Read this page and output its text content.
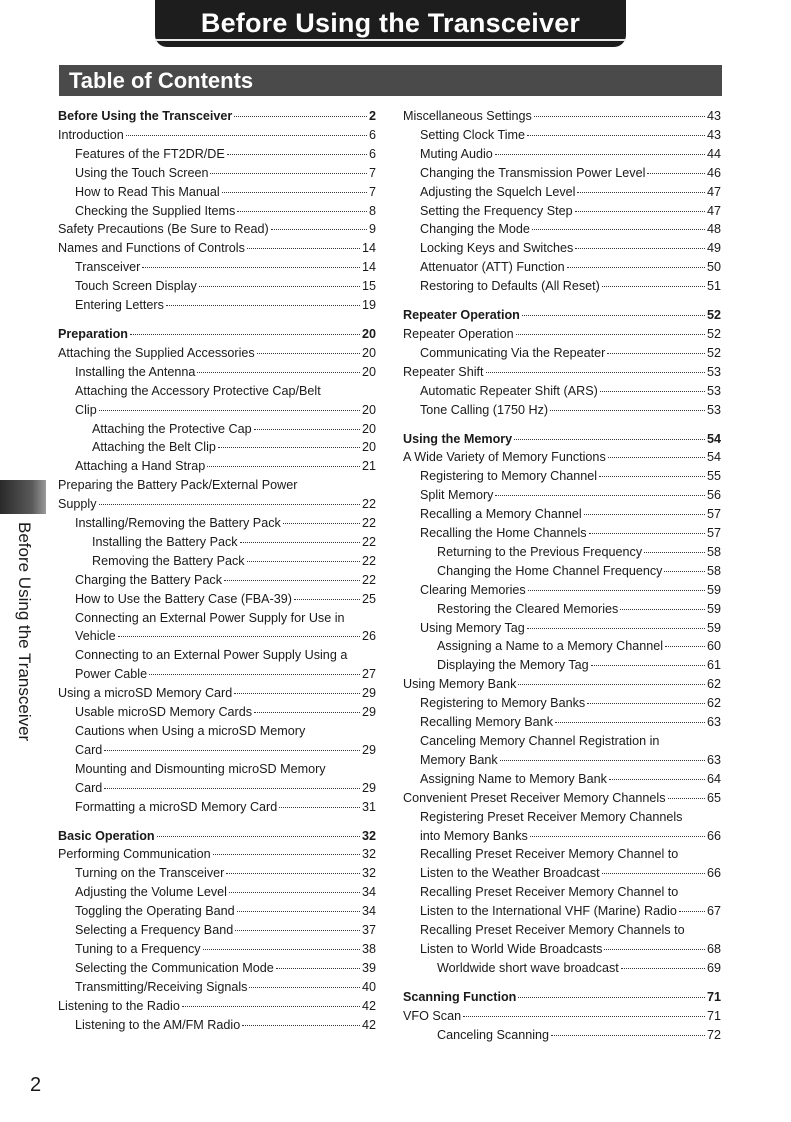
Before Using the Transceiver
Table of Contents
Before Using the Transceiver
Before Using the Transceiver	2
Introduction	6
Features of the FT2DR/DE	6
Using the Touch Screen	7
How to Read This Manual	7
Checking the Supplied Items	8
Safety Precautions (Be Sure to Read)	9
Names and Functions of Controls	14
Transceiver	14
Touch Screen Display	15
Entering Letters	19
Preparation	20
Attaching the Supplied Accessories	20
Installing the Antenna	20
Attaching the Accessory Protective Cap/Belt
Clip	20
Attaching the Protective Cap	20
Attaching the Belt Clip	20
Attaching a Hand Strap	21
Preparing the Battery Pack/External Power
Supply	22
Installing/Removing the Battery Pack	22
Installing the Battery Pack	22
Removing the Battery Pack	22
Charging the Battery Pack	22
How to Use the Battery Case (FBA-39)	25
Connecting an External Power Supply for Use in
Vehicle	26
Connecting to an External Power Supply Using a
Power Cable	27
Using a microSD Memory Card	29
Usable microSD Memory Cards	29
Cautions when Using a microSD Memory
Card	29
Mounting and Dismounting microSD Memory
Card	29
Formatting a microSD Memory Card	31
Basic Operation	32
Performing Communication	32
Turning on the Transceiver	32
Adjusting the Volume Level	34
Toggling the Operating Band	34
Selecting a Frequency Band	37
Tuning to a Frequency	38
Selecting the Communication Mode	39
Transmitting/Receiving Signals	40
Listening to the Radio	42
Listening to the AM/FM Radio	42
Miscellaneous Settings	43
Setting Clock Time	43
Muting Audio	44
Changing the Transmission Power Level	46
Adjusting the Squelch Level	47
Setting the Frequency Step	47
Changing the Mode	48
Locking Keys and Switches	49
Attenuator (ATT) Function	50
Restoring to Defaults (All Reset)	51
Repeater Operation	52
Repeater Operation	52
Communicating Via the Repeater	52
Repeater Shift	53
Automatic Repeater Shift (ARS)	53
Tone Calling (1750 Hz)	53
Using the Memory	54
A Wide Variety of Memory Functions	54
Registering to Memory Channel	55
Split Memory	56
Recalling a Memory Channel	57
Recalling the Home Channels	57
Returning to the Previous Frequency	58
Changing the Home Channel Frequency	58
Clearing Memories	59
Restoring the Cleared Memories	59
Using Memory Tag	59
Assigning a Name to a Memory Channel	60
Displaying the Memory Tag	61
Using Memory Bank	62
Registering to Memory Banks	62
Recalling Memory Bank	63
Canceling Memory Channel Registration in
Memory Bank	63
Assigning Name to Memory Bank	64
Convenient Preset Receiver Memory Channels	65
Registering Preset Receiver Memory Channels
into Memory Banks	66
Recalling Preset Receiver Memory Channel to
Listen to the Weather Broadcast	66
Recalling Preset Receiver Memory Channel to
Listen to the International VHF (Marine) Radio 67
Recalling Preset Receiver Memory Channels to
Listen to World Wide Broadcasts	68
Worldwide short wave broadcast	69
Scanning Function	71
VFO Scan	71
Canceling Scanning	72
2
